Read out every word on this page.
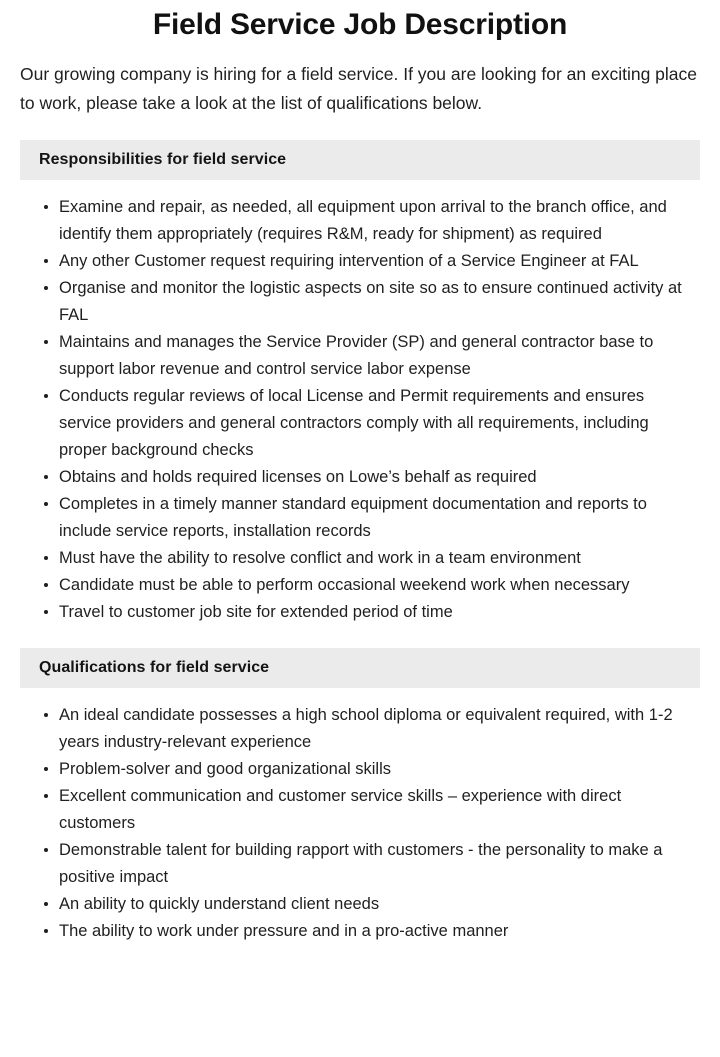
Field Service Job Description

Our growing company is hiring for a field service. If you are looking for an exciting place to work, please take a look at the list of qualifications below.

Responsibilities for field service
Examine and repair, as needed, all equipment upon arrival to the branch office, and identify them appropriately (requires R&M, ready for shipment) as required
Any other Customer request requiring intervention of a Service Engineer at FAL
Organise and monitor the logistic aspects on site so as to ensure continued activity at FAL
Maintains and manages the Service Provider (SP) and general contractor base to support labor revenue and control service labor expense
Conducts regular reviews of local License and Permit requirements and ensures service providers and general contractors comply with all requirements, including proper background checks
Obtains and holds required licenses on Lowe’s behalf as required
Completes in a timely manner standard equipment documentation and reports to include service reports, installation records
Must have the ability to resolve conflict and work in a team environment
Candidate must be able to perform occasional weekend work when necessary
Travel to customer job site for extended period of time
Qualifications for field service
An ideal candidate possesses a high school diploma or equivalent required, with 1-2 years industry-relevant experience
Problem-solver and good organizational skills
Excellent communication and customer service skills – experience with direct customers
Demonstrable talent for building rapport with customers - the personality to make a positive impact
An ability to quickly understand client needs
The ability to work under pressure and in a pro-active manner
